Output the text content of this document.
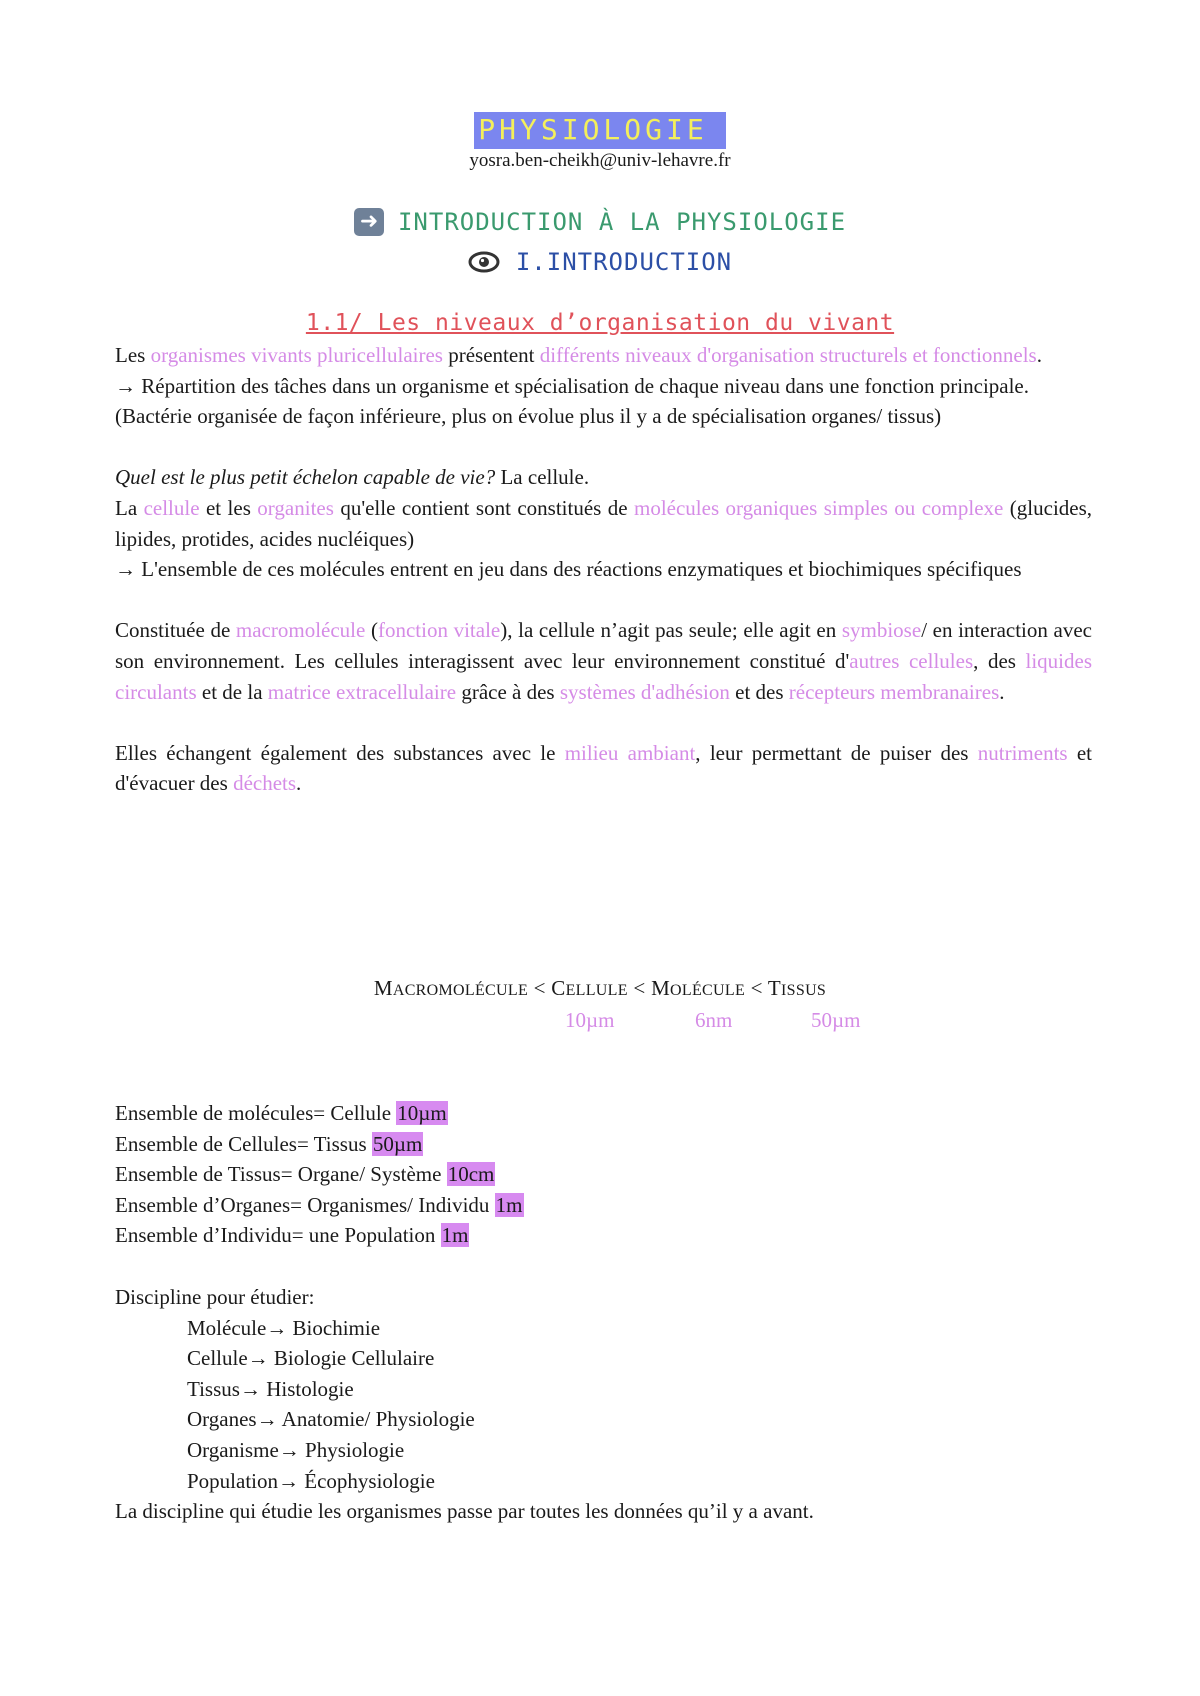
PHYSIOLOGIE
yosra.ben-cheikh@univ-lehavre.fr
➜ INTRODUCTION À LA PHYSIOLOGIE
I.INTRODUCTION
1.1/ Les niveaux d’organisation du vivant

Les organismes vivants pluricellulaires présentent différents niveaux d'organisation structurels et fonctionnels.

→ Répartition des tâches dans un organisme et spécialisation de chaque niveau dans une fonction principale.

(Bactérie organisée de façon inférieure, plus on évolue plus il y a de spécialisation organes/ tissus)

Quel est le plus petit échelon capable de vie? La cellule.

La cellule et les organites qu'elle contient sont constitués de molécules organiques simples ou complexe (glucides, lipides, protides, acides nucléiques)

→ L'ensemble de ces molécules entrent en jeu dans des réactions enzymatiques et biochimiques spécifiques

Constituée de macromolécule (fonction vitale), la cellule n’agit pas seule; elle agit en symbiose/ en interaction avec son environnement. Les cellules interagissent avec leur environnement constitué d'autres cellules, des liquides circulants et de la matrice extracellulaire grâce à des systèmes d'adhésion et des récepteurs membranaires.

Elles échangent également des substances avec le milieu ambiant, leur permettant de puiser des nutriments et d'évacuer des déchets.

MACROMOLÉCULE < CELLULE < MOLÉCULE < TISSUS
10µm	6nm	50µm
Ensemble de molécules= Cellule 10µm
Ensemble de Cellules= Tissus 50µm
Ensemble de Tissus= Organe/ Système 10cm
Ensemble d’Organes= Organismes/ Individu 1m
Ensemble d’Individu= une Population 1m
Discipline pour étudier:
Molécule→ Biochimie
Cellule→ Biologie Cellulaire
Tissus→ Histologie
Organes→ Anatomie/ Physiologie
Organisme→ Physiologie
Population→ Écophysiologie
La discipline qui étudie les organismes passe par toutes les données qu’il y a avant.
